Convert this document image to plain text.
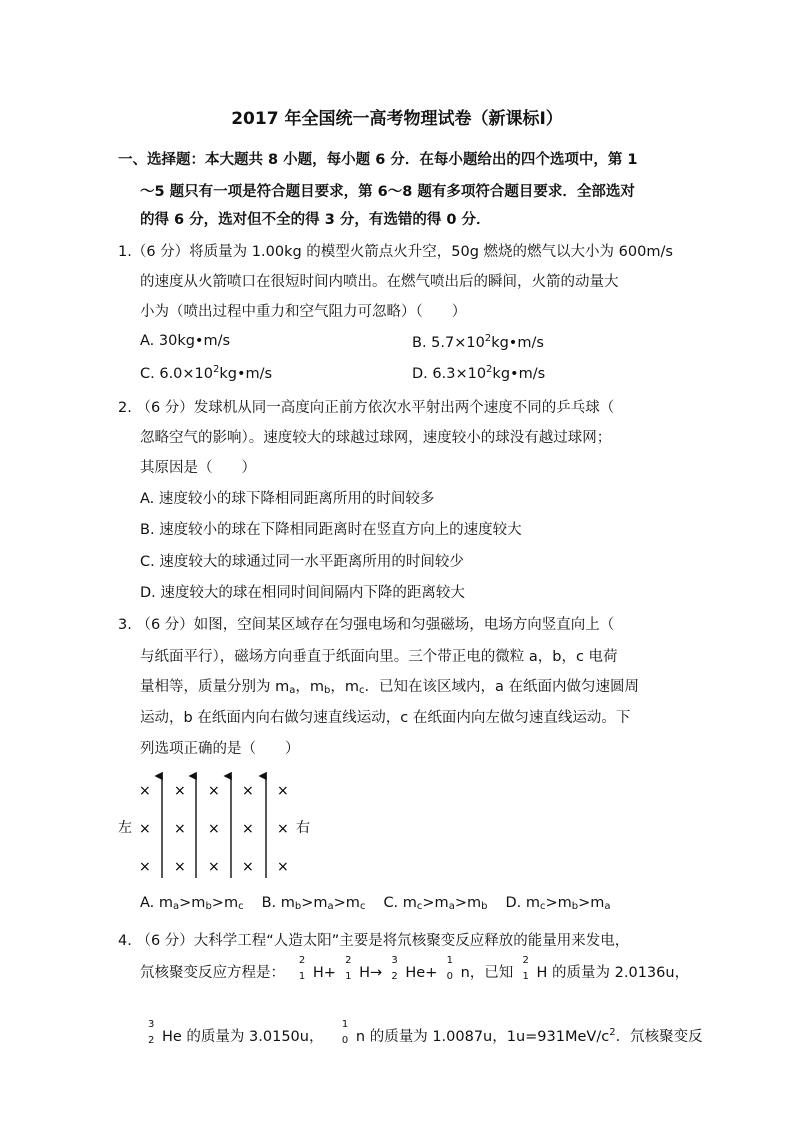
2017 年全国统一高考物理试卷（新课标Ⅰ）
一、选择题：本大题共 8 小题，每小题 6 分．在每小题给出的四个选项中，第 1
～5 题只有一项是符合题目要求，第 6～8 题有多项符合题目要求．全部选对
的得 6 分，选对但不全的得 3 分，有选错的得 0 分．
1.（6 分）将质量为 1.00kg 的模型火箭点火升空，50g 燃烧的燃气以大小为 600m/s
的速度从火箭喷口在很短时间内喷出。在燃气喷出后的瞬间，火箭的动量大
小为（喷出过程中重力和空气阻力可忽略）（　　）
A. 30kg•m/s	B. $5.7\times 10^2kg•m/s$
C. $6.0\times 10^2kg•m/s$	D. $6.3\times 10^2kg•m/s$
2. （6 分）发球机从同一高度向正前方依次水平射出两个速度不同的乒乓球（
忽略空气的影响）。速度较大的球越过球网，速度较小的球没有越过球网；
其原因是（　　）
A. 速度较小的球下降相同距离所用的时间较多
B. 速度较小的球在下降相同距离时在竖直方向上的速度较大
C. 速度较大的球通过同一水平距离所用的时间较少
D. 速度较大的球在相同时间间隔内下降的距离较大
3. （6 分）如图，空间某区域存在匀强电场和匀强磁场，电场方向竖直向上（
与纸面平行），磁场方向垂直于纸面向里。三个带正电的微粒 a，b，c 电荷
量相等，质量分别为 $m_a$，$m_b$，$m_c$．已知在该区域内，a 在纸面内做匀速圆周
运动，b 在纸面内向右做匀速直线运动，c 在纸面内向左做匀速直线运动。下
列选项正确的是（　　）
× × × × ×
× × × × ×
× × × × ×
左	右
A. $m_a>m_b>m_c$ B. $m_b>m_a>m_c$ C. $m_c>m_a>m_b$ D. $m_c>m_b>m_a$
4. （6 分）大科学工程“人造太阳”主要是将氘核聚变反应释放的能量用来发电，
氘核聚变反应方程是：
2
1 H+
2
1 H→
3
2 He+
1
0 n，已知
2
1 H 的质量为 2.0136u，
3
2 He 的质量为 3.0150u，
1
0 n 的质量为 1.0087u，$1u=931MeV/c^2$．氘核聚变反
